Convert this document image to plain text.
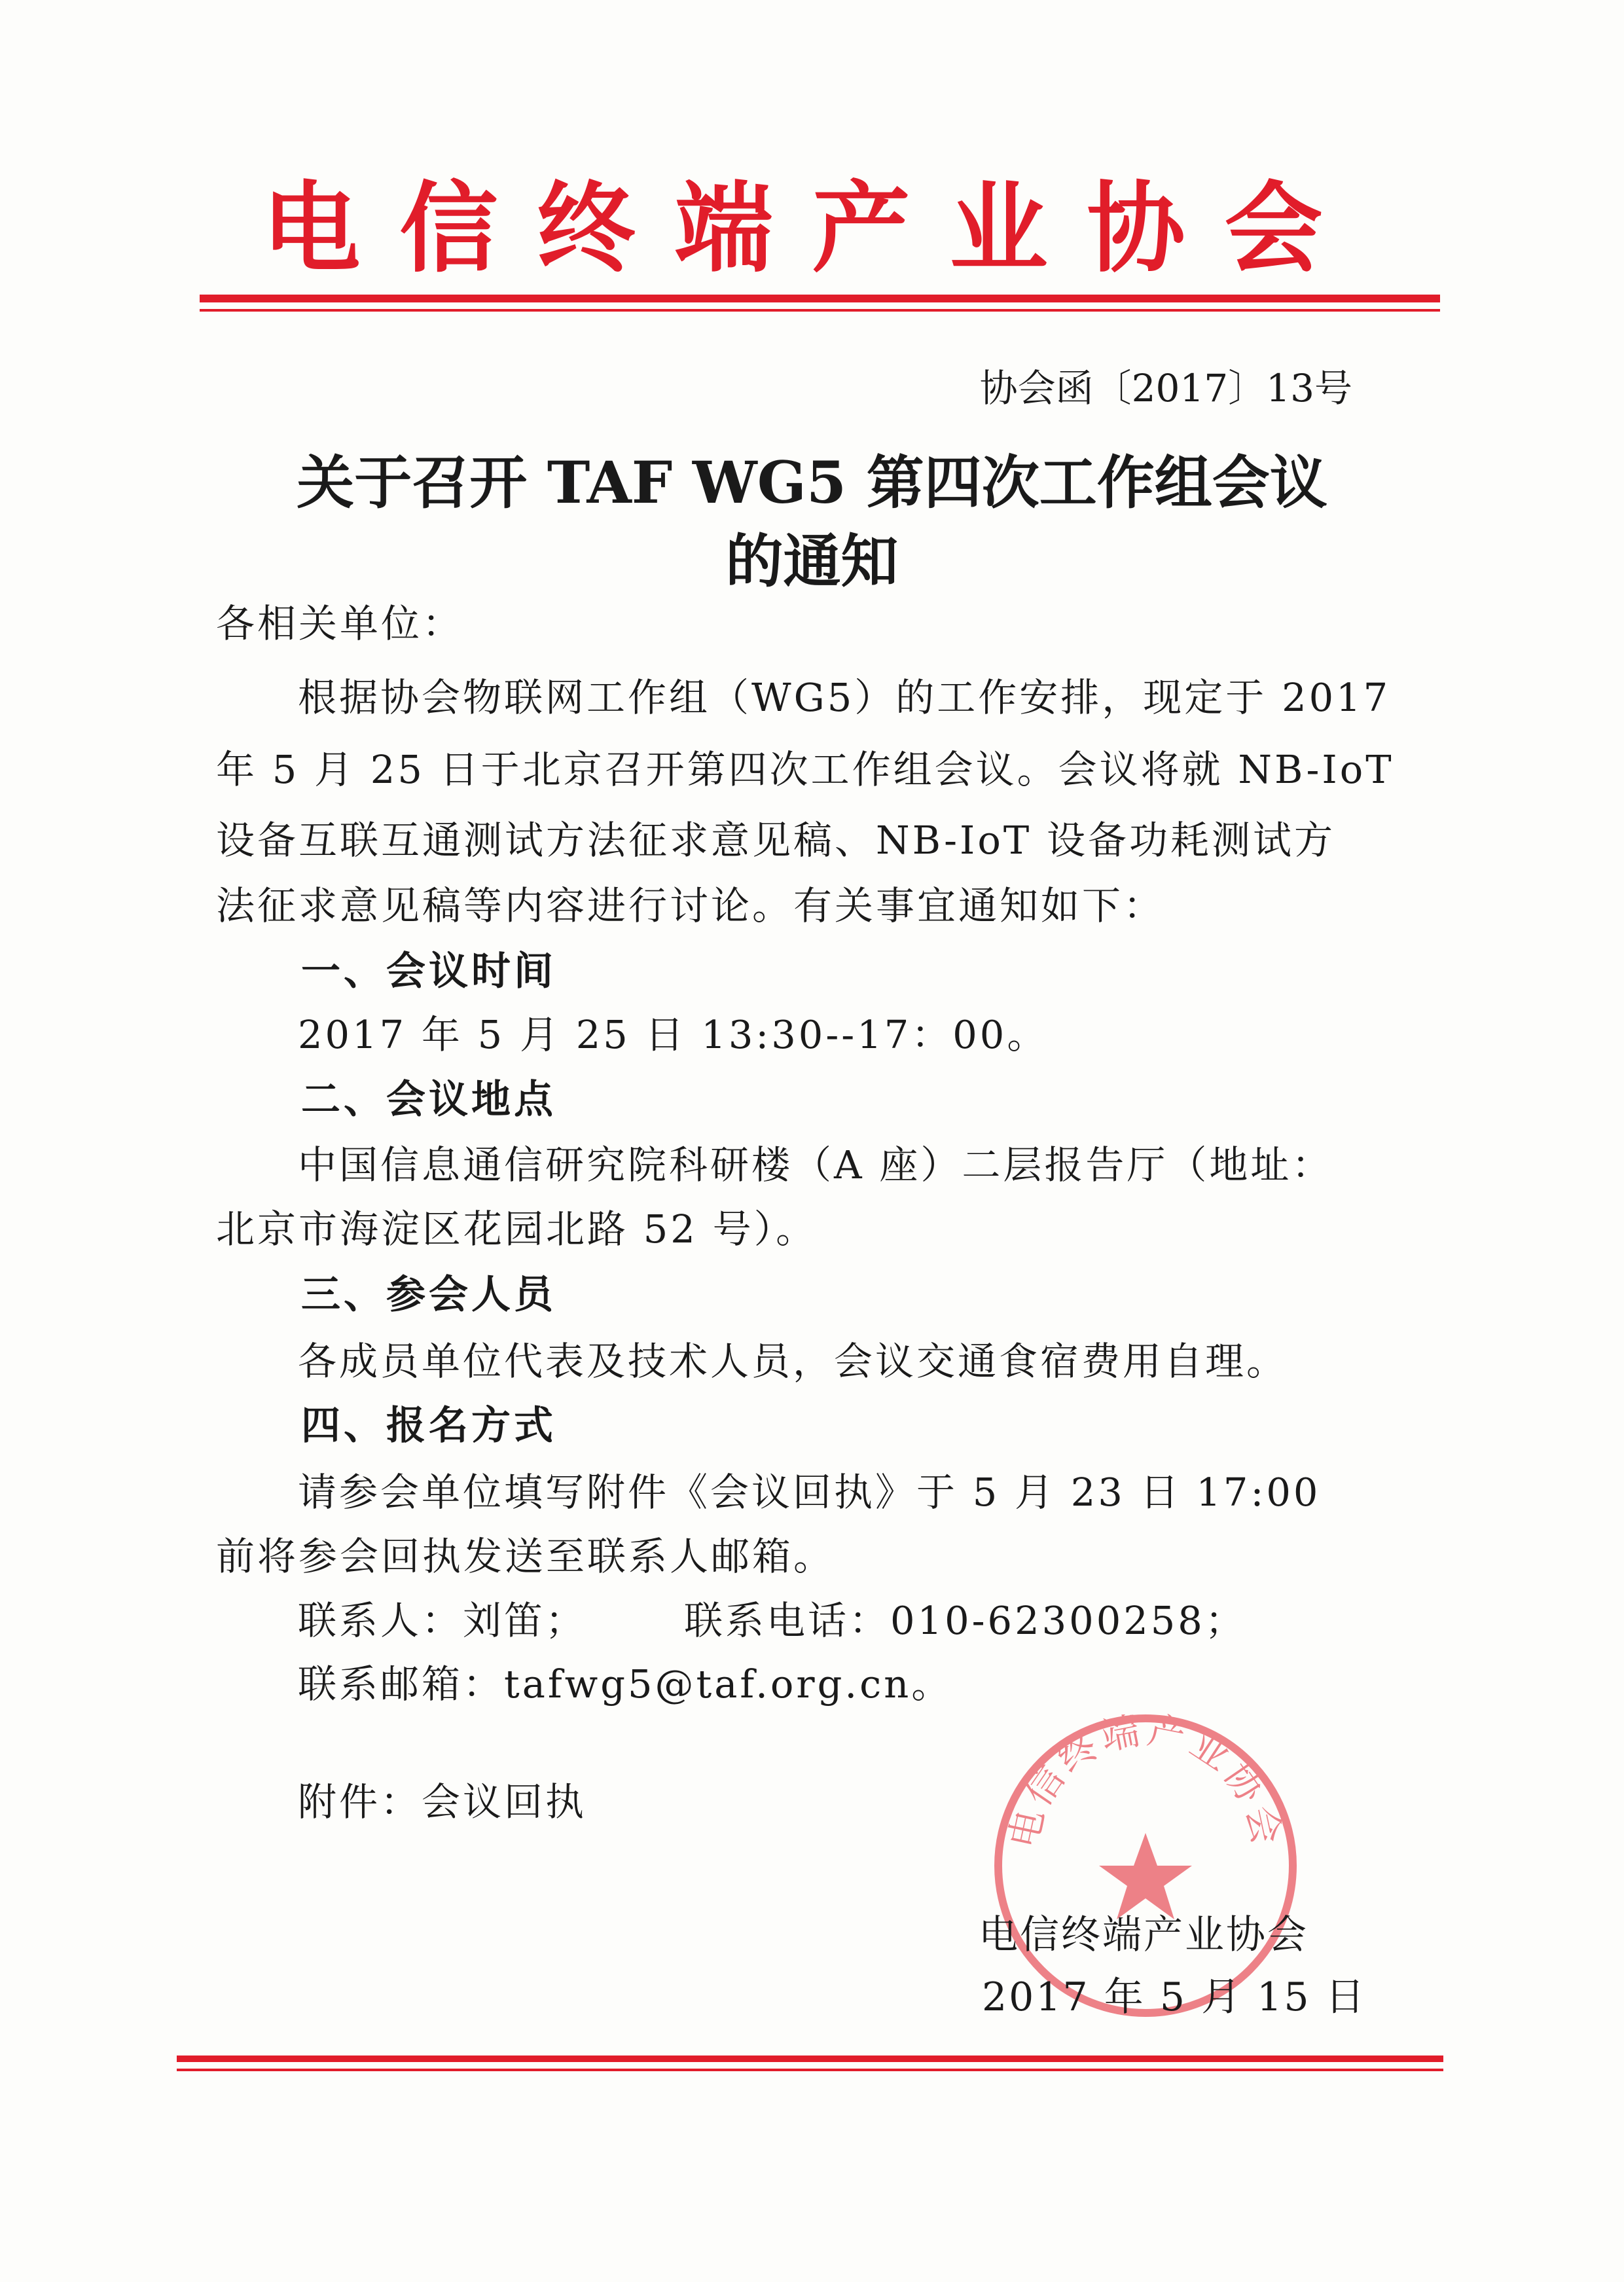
电信终端产业协会
协会函〔2017〕13号
关于召开 TAF WG5 第四次工作组会议
的通知
各相关单位：
根据协会物联网工作组（WG5）的工作安排，现定于 2017
年 5 月 25 日于北京召开第四次工作组会议。会议将就 NB-IoT
设备互联互通测试方法征求意见稿、NB-IoT 设备功耗测试方
法征求意见稿等内容进行讨论。有关事宜通知如下：
一、会议时间
2017 年 5 月 25 日 13:30--17：00。
二、会议地点
中国信息通信研究院科研楼（A 座）二层报告厅（地址：
北京市海淀区花园北路 52 号）。
三、参会人员
各成员单位代表及技术人员，会议交通食宿费用自理。
四、报名方式
请参会单位填写附件《会议回执》于 5 月 23 日 17:00
前将参会回执发送至联系人邮箱。
联系人：刘笛；	联系电话：010-62300258；
联系邮箱：tafwg5@taf.org.cn。
附件：会议回执	电信终端产业协会
电信终端产业协会
2017 年 5 月 15 日
